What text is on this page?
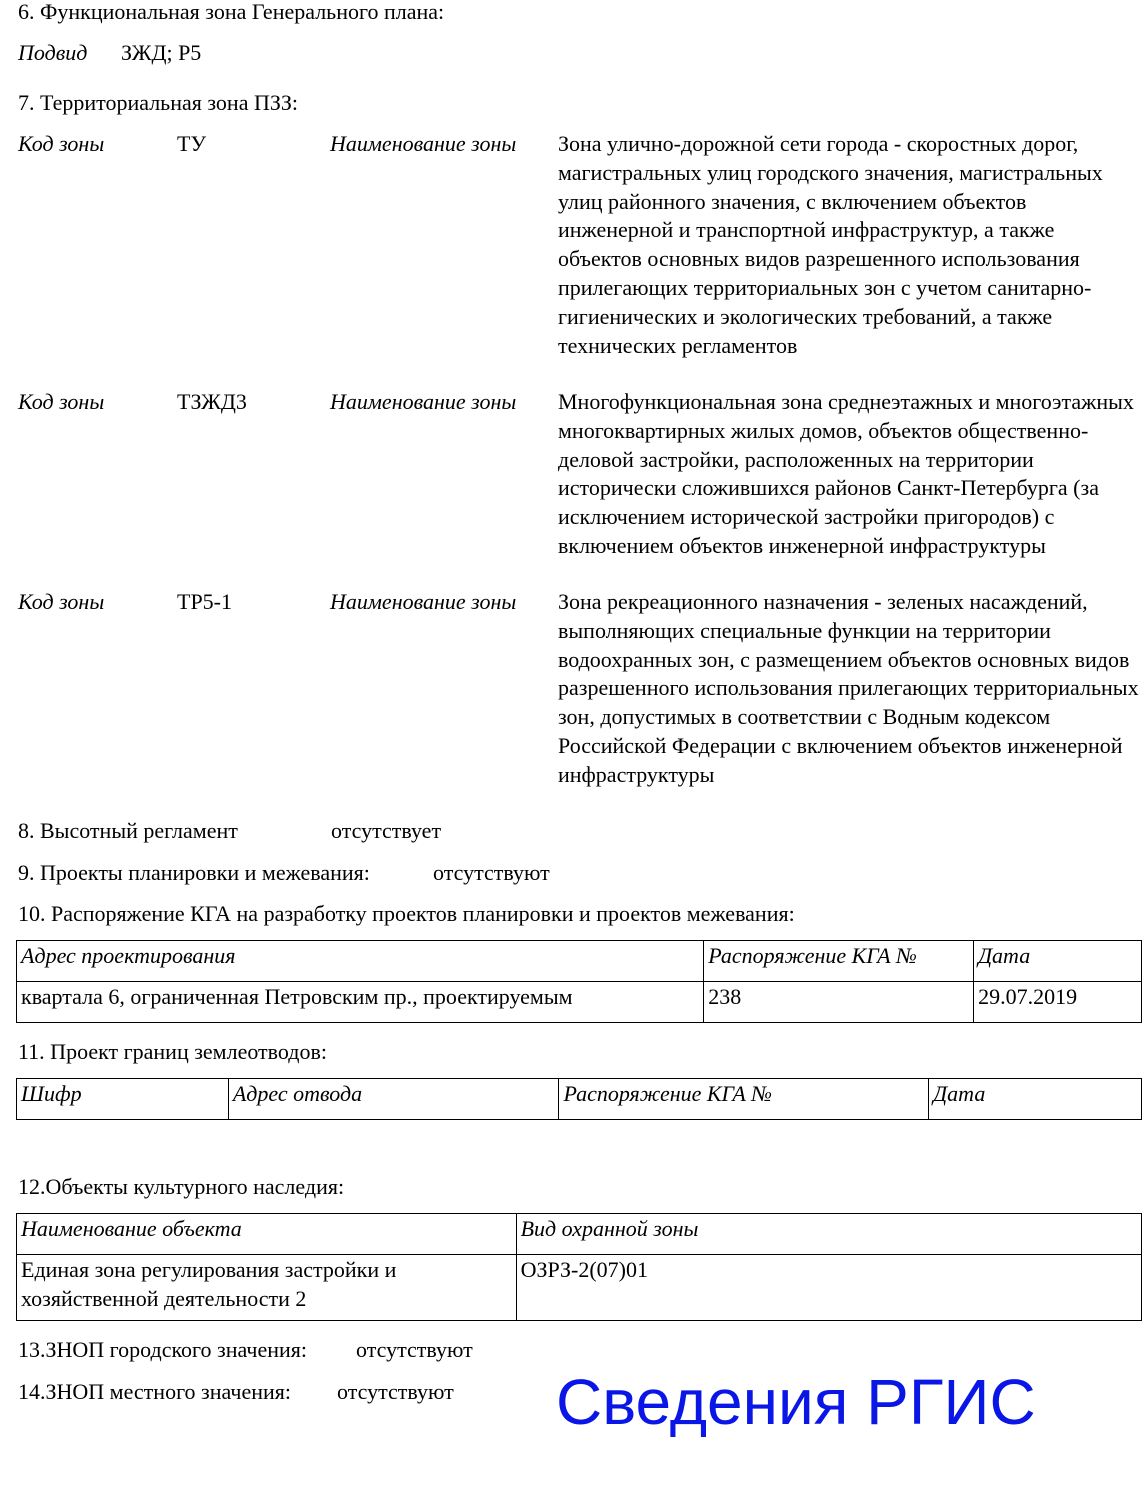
6. Функциональная зона Генерального плана:
Подвид ЗЖД; Р5
7. Территориальная зона ПЗЗ:
Код зоны	ТУ	Наименование зоны Зона улично-дорожной сети города - скоростных дорог, магистральных улиц городского значения, магистральных улиц районного значения, с включением объектов инженерной и транспортной инфраструктур, а также объектов основных видов разрешенного использования прилегающих территориальных зон с учетом санитарно-гигиенических и экологических требований, а также технических регламентов
Код зоны	ТЗЖД3	Наименование зоны Многофункциональная зона среднеэтажных и многоэтажных многоквартирных жилых домов, объектов общественно-деловой застройки, расположенных на территории исторически сложившихся районов Санкт-Петербурга (за исключением исторической застройки пригородов) с включением объектов инженерной инфраструктуры
Код зоны	ТР5-1	Наименование зоны Зона рекреационного назначения - зеленых насаждений, выполняющих специальные функции на территории водоохранных зон, с размещением объектов основных видов разрешенного использования прилегающих территориальных зон, допустимых в соответствии с Водным кодексом Российской Федерации с включением объектов инженерной инфраструктуры
8. Высотный регламент	отсутствует
9. Проекты планировки и межевания:	отсутствуют
10. Распоряжение КГА на разработку проектов планировки и проектов межевания:
Адрес проектирования	Распоряжение КГА №	Дата
квартала 6, ограниченная Петровским пр., проектируемым	238	29.07.2019
11. Проект границ землеотводов:
Шифр	Адрес отвода	Распоряжение КГА №	Дата
12.Объекты культурного наследия:
Наименование объекта	Вид охранной зоны
Единая зона регулирования застройки и хозяйственной деятельности 2	ОЗРЗ-2(07)01
13.ЗНОП городского значения: отсутствуют
14.ЗНОП местного значения: отсутствуют Сведения РГИС
